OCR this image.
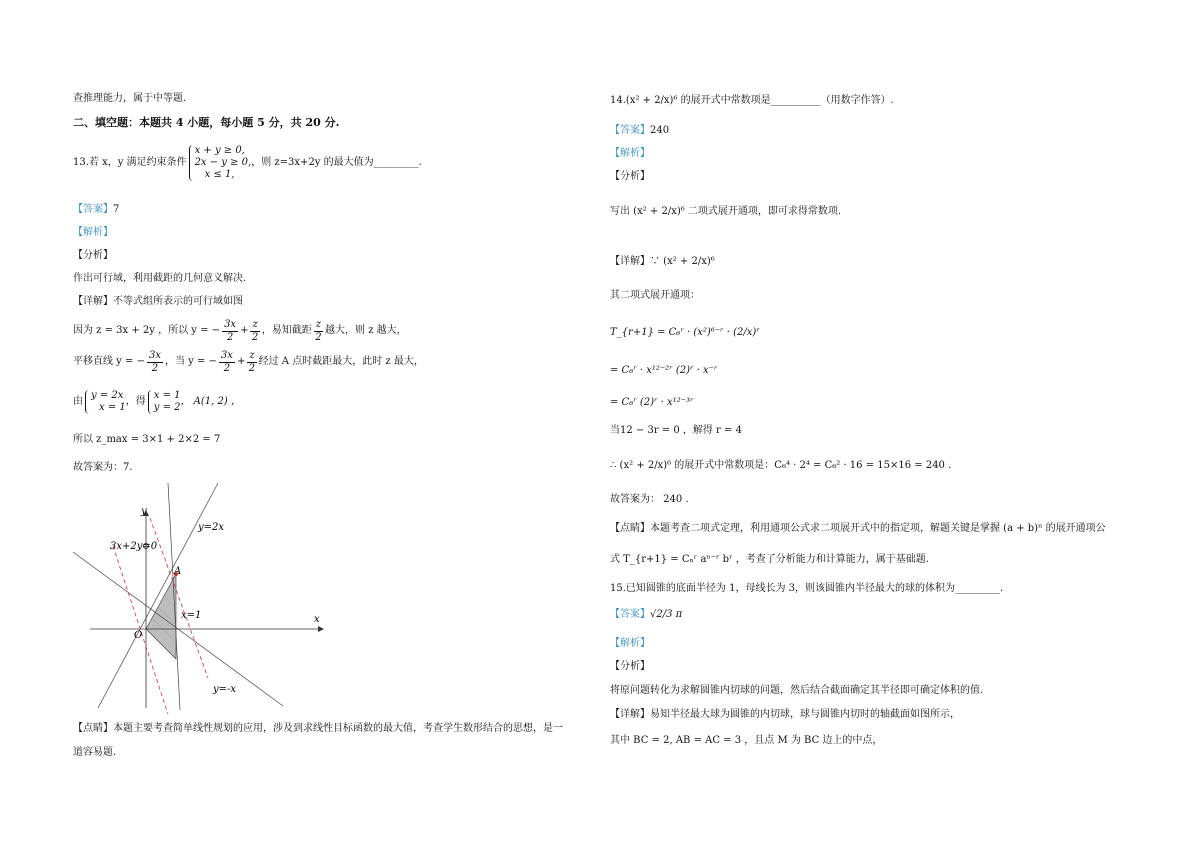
查推理能力，属于中等题.
二、填空题：本题共 4 小题，每小题 5 分，共 20 分.
13.若 x，y 满足约束条件
x + y ≥ 0,
2x − y ≥ 0,
x ≤ 1,
，则 z=3x+2y 的最大值为_________.
【答案】7
【解析】
【分析】
作出可行域，利用截距的几何意义解决.
【详解】不等式组所表示的可行域如图
因为 z = 3x + 2y ，所以 y = − $\frac{3x}{2} + \frac{z}{2}$ ，易知截距 $\frac{z}{2}$ 越大，则 z 越大，
平移直线 y = − $\frac{3x}{2}$ ，当 y = − $\frac{3x}{2} + \frac{z}{2}$ 经过 A 点时截距最大，此时 z 最大，
由
y = 2x
x = 1
，得
x = 1
y = 2
， A(1, 2) ，
所以 z_max = 3×1 + 2×2 = 7
故答案为：7.
y
x
y=2x
y=-x
x=1
3x+2y=0
A
O
【点睛】本题主要考查简单线性规划的应用，涉及到求线性目标函数的最大值，考查学生数形结合的思想，是一
道容易题.
14.(x² + 2/x)⁶ 的展开式中常数项是__________（用数字作答）.
【答案】240
【解析】
【分析】
写出 (x² + 2/x)⁶ 二项式展开通项，即可求得常数项.
【详解】∵ (x² + 2/x)⁶
其二项式展开通项：
T_{r+1} = C₆ʳ · (x²)⁶⁻ʳ · (2/x)ʳ
= C₆ʳ · x¹²⁻²ʳ (2)ʳ · x⁻ʳ
= C₆ʳ (2)ʳ · x¹²⁻³ʳ
当12 − 3r = 0 ，解得 r = 4
∴ (x² + 2/x)⁶ 的展开式中常数项是：C₆⁴ · 2⁴ = C₆² · 16 = 15×16 = 240 .
故答案为： 240 .
【点睛】本题考查二项式定理，利用通项公式求二项展开式中的指定项，解题关键是掌握 (a + b)ⁿ 的展开通项公
式 T_{r+1} = Cₙʳ aⁿ⁻ʳ bʳ ，考查了分析能力和计算能力，属于基础题.
15.已知圆锥的底面半径为 1，母线长为 3，则该圆锥内半径最大的球的体积为_________.
【答案】√2/3 π
【解析】
【分析】
将原问题转化为求解圆锥内切球的问题，然后结合截面确定其半径即可确定体积的值.
【详解】易知半径最大球为圆锥的内切球，球与圆锥内切时的轴截面如图所示，
其中 BC = 2, AB = AC = 3 ，且点 M 为 BC 边上的中点，
